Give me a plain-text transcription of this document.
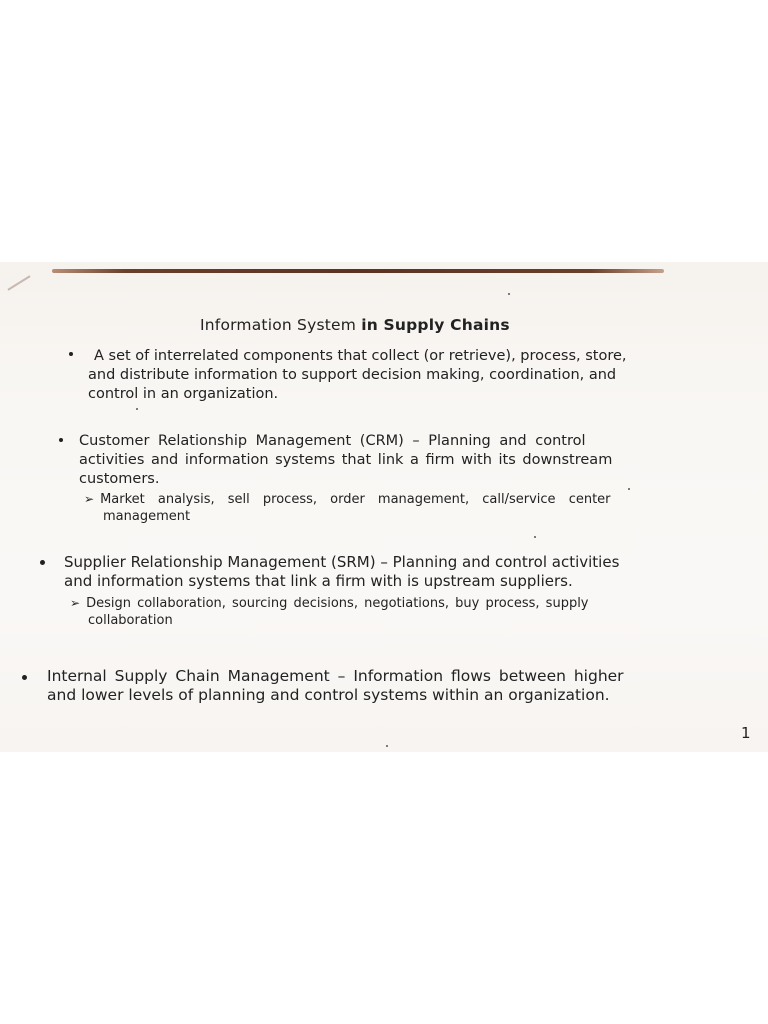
Information System in Supply Chains
A set of interrelated components that collect (or retrieve), process, store,
and distribute information to support decision making, coordination, and
control in an organization.
Customer Relationship Management (CRM) – Planning and control
activities and information systems that link a firm with its downstream
customers.
➢ Market analysis, sell process, order management, call/service center
management
Supplier Relationship Management (SRM) – Planning and control activities
and information systems that link a firm with is upstream suppliers.
➢ Design collaboration, sourcing decisions, negotiations, buy process, supply
collaboration
Internal Supply Chain Management – Information flows between higher
and lower levels of planning and control systems within an organization.
1
